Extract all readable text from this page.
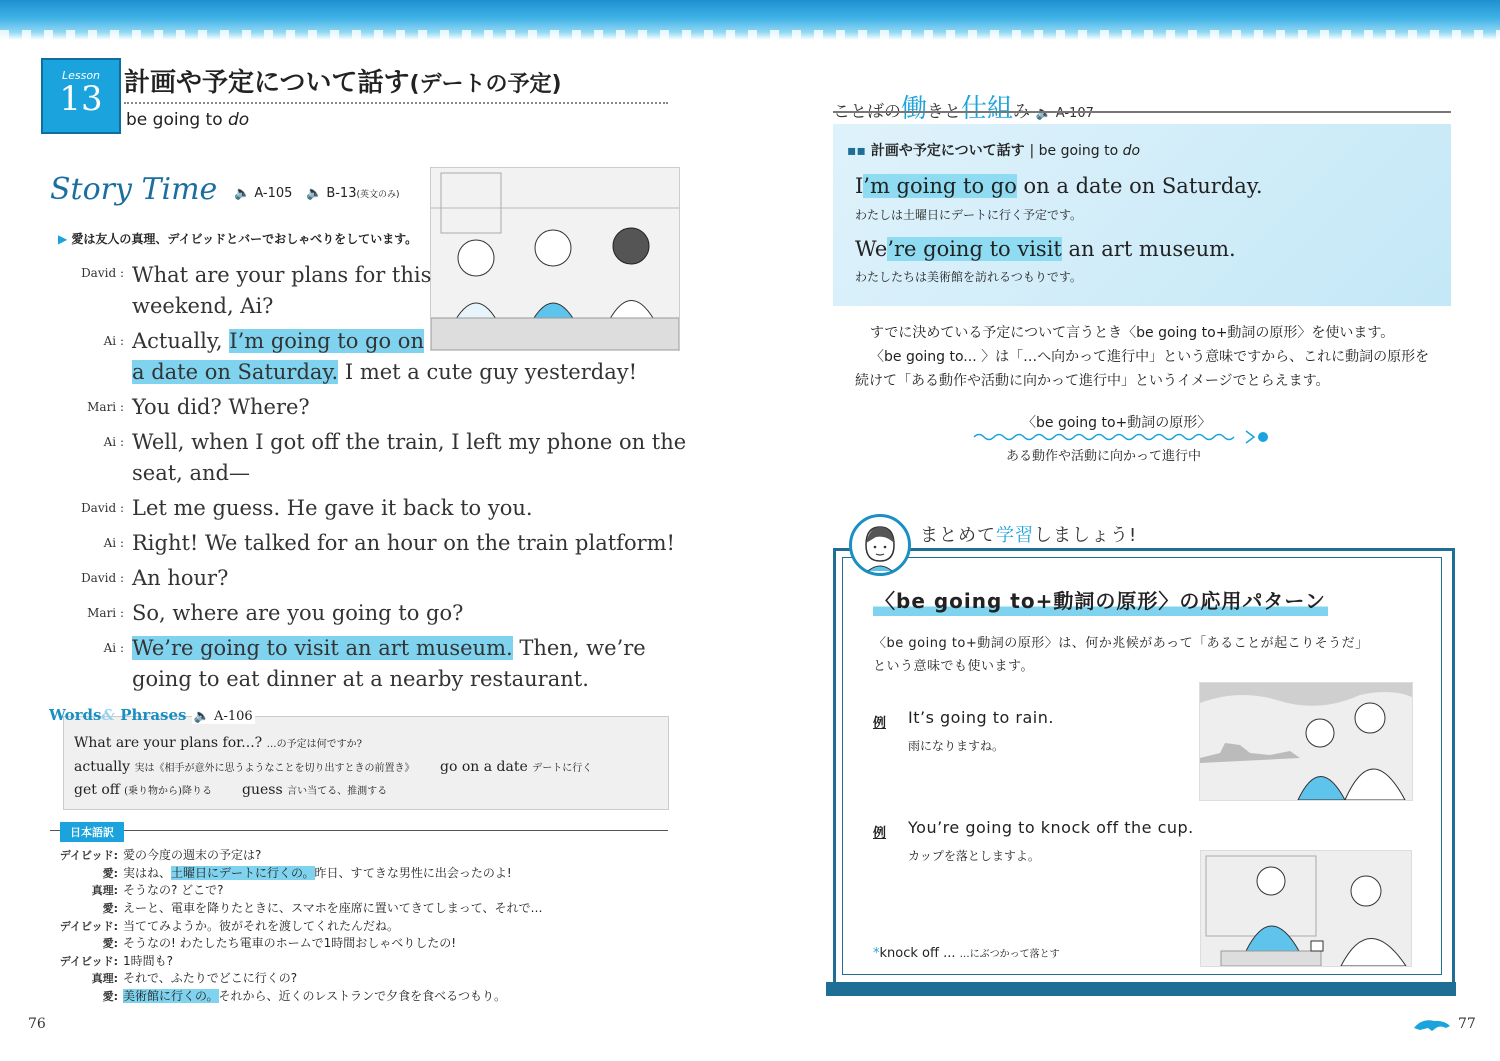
Lesson
13 計画や予定について話す(デートの予定)
be going to do
Story Time 🔈 A-105 🔈 B-13(英文のみ)
▶ 愛は友人の真理、デイビッドとバーでおしゃべりをしています。
David : What are your plans for this
weekend, Ai?
Ai : Actually, I’m going to go on
a date on Saturday. I met a cute guy yesterday!
Mari : You did? Where?
Ai : Well, when I got off the train, I left my phone on the
seat, and—
David : Let me guess. He gave it back to you.
Ai : Right! We talked for an hour on the train platform!
David : An hour?
Mari : So, where are you going to go?
Ai : We’re going to visit an art museum. Then, we’re
going to eat dinner at a nearby restaurant.
Words& Phrases 🔈 A-106
What are your plans for...? …の予定は何ですか?
actually 実は《相手が意外に思うようなことを切り出すときの前置き》 go on a date デートに行く
get off (乗り物から)降りる guess 言い当てる、推測する
日本語訳
デイビッド: 愛の今度の週末の予定は?
愛: 実はね、土曜日にデートに行くの。昨日、すてきな男性に出会ったのよ!
真理: そうなの? どこで?
愛: えーと、電車を降りたときに、スマホを座席に置いてきてしまって、それで…
デイビッド: 当ててみようか。彼がそれを渡してくれたんだね。
愛: そうなの! わたしたち電車のホームで1時間おしゃべりしたの!
デイビッド: 1時間も?
真理: それで、ふたりでどこに行くの?
愛: 美術館に行くの。それから、近くのレストランで夕食を食べるつもり。
76
ことばの働きと仕組み 🔈 A-107
▪▪ 計画や予定について話す | be going to do
I’m going to go on a date on Saturday.
わたしは土曜日にデートに行く予定です。
We’re going to visit an art museum.
わたしたちは美術館を訪れるつもりです。
すでに決めている予定について言うとき〈be going to+動詞の原形〉を使います。
〈be going to... 〉は「…へ向かって進行中」という意味ですから、これに動詞の原形を
続けて「ある動作や活動に向かって進行中」というイメージでとらえます。
〈be going to+動詞の原形〉
ある動作や活動に向かって進行中
まとめて学習しましょう!
〈be going to+動詞の原形〉の応用パターン
〈be going to+動詞の原形〉は、何か兆候があって「あることが起こりそうだ」
という意味でも使います。
例 It’s going to rain.
雨になりますね。
例 You’re going to knock off the cup.
カップを落としますよ。
*knock off ... …にぶつかって落とす
77
